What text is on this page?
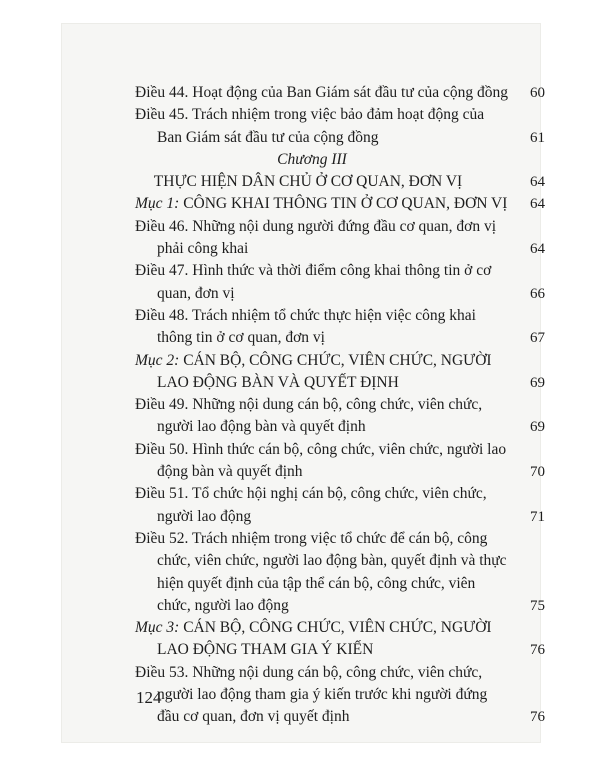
Điều 44. Hoạt động của Ban Giám sát đầu tư của cộng đồng	60
Điều 45. Trách nhiệm trong việc bảo đảm hoạt động của Ban Giám sát đầu tư của cộng đồng	61
Chương III
THỰC HIỆN DÂN CHỦ Ở CƠ QUAN, ĐƠN VỊ	64
Mục 1: CÔNG KHAI THÔNG TIN Ở CƠ QUAN, ĐƠN VỊ	64
Điều 46. Những nội dung người đứng đầu cơ quan, đơn vị phải công khai	64
Điều 47. Hình thức và thời điểm công khai thông tin ở cơ quan, đơn vị	66
Điều 48. Trách nhiệm tổ chức thực hiện việc công khai thông tin ở cơ quan, đơn vị	67
Mục 2: CÁN BỘ, CÔNG CHỨC, VIÊN CHỨC, NGƯỜI LAO ĐỘNG BÀN VÀ QUYẾT ĐỊNH	69
Điều 49. Những nội dung cán bộ, công chức, viên chức, người lao động bàn và quyết định	69
Điều 50. Hình thức cán bộ, công chức, viên chức, người lao động bàn và quyết định	70
Điều 51. Tổ chức hội nghị cán bộ, công chức, viên chức, người lao động	71
Điều 52. Trách nhiệm trong việc tổ chức để cán bộ, công chức, viên chức, người lao động bàn, quyết định và thực hiện quyết định của tập thể cán bộ, công chức, viên chức, người lao động	75
Mục 3: CÁN BỘ, CÔNG CHỨC, VIÊN CHỨC, NGƯỜI LAO ĐỘNG THAM GIA Ý KIẾN	76
Điều 53. Những nội dung cán bộ, công chức, viên chức, người lao động tham gia ý kiến trước khi người đứng đầu cơ quan, đơn vị quyết định	76
124
